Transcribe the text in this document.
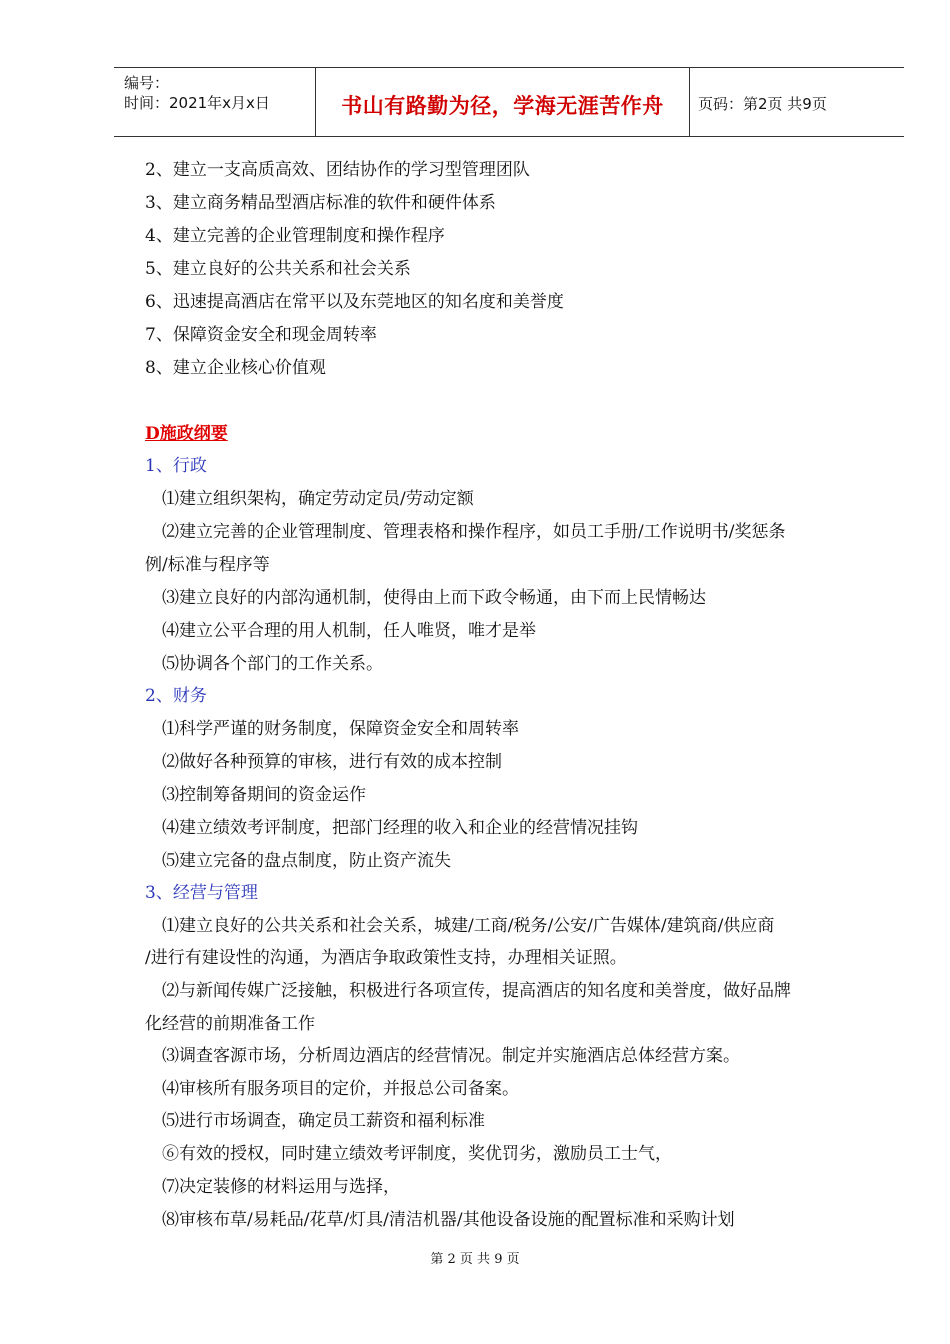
编号：
时间：2021年x月x日	书山有路勤为径，学海无涯苦作舟	页码：第2页 共9页
2、建立一支高质高效、团结协作的学习型管理团队
3、建立商务精品型酒店标准的软件和硬件体系
4、建立完善的企业管理制度和操作程序
5、建立良好的公共关系和社会关系
6、迅速提高酒店在常平以及东莞地区的知名度和美誉度
7、保障资金安全和现金周转率
8、建立企业核心价值观
D施政纲要
1、行政
⑴建立组织架构，确定劳动定员/劳动定额
⑵建立完善的企业管理制度、管理表格和操作程序，如员工手册/工作说明书/奖惩条
例/标准与程序等
⑶建立良好的内部沟通机制，使得由上而下政令畅通，由下而上民情畅达
⑷建立公平合理的用人机制，任人唯贤，唯才是举
⑸协调各个部门的工作关系。
2、财务
⑴科学严谨的财务制度，保障资金安全和周转率
⑵做好各种预算的审核，进行有效的成本控制
⑶控制筹备期间的资金运作
⑷建立绩效考评制度，把部门经理的收入和企业的经营情况挂钩
⑸建立完备的盘点制度，防止资产流失
3、经营与管理
⑴建立良好的公共关系和社会关系，城建/工商/税务/公安/广告媒体/建筑商/供应商
/进行有建设性的沟通，为酒店争取政策性支持，办理相关证照。
⑵与新闻传媒广泛接触，积极进行各项宣传，提高酒店的知名度和美誉度，做好品牌
化经营的前期准备工作
⑶调查客源市场，分析周边酒店的经营情况。制定并实施酒店总体经营方案。
⑷审核所有服务项目的定价，并报总公司备案。
⑸进行市场调查，确定员工薪资和福利标准
⑥有效的授权，同时建立绩效考评制度，奖优罚劣，激励员工士气，
⑺决定装修的材料运用与选择，
⑻审核布草/易耗品/花草/灯具/清洁机器/其他设备设施的配置标准和采购计划
第 2 页 共 9 页
